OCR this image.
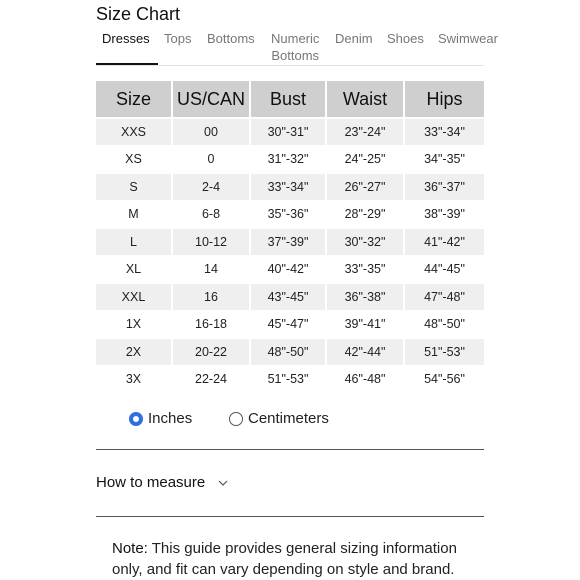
Size Chart
Dresses Tops Bottoms Numeric
Bottoms
Denim Shoes Swimwear
Size	US/CAN	Bust	Waist	Hips
XXS	00	30"-31"	23"-24"	33"-34"
XS	0	31"-32"	24"-25"	34"-35"
S	2-4	33"-34"	26"-27"	36"-37"
M	6-8	35"-36"	28"-29"	38"-39"
L	10-12	37"-39"	30"-32"	41"-42"
XL	14	40"-42"	33"-35"	44"-45"
XXL	16	43"-45"	36"-38"	47"-48"
1X	16-18	45"-47"	39"-41"	48"-50"
2X	20-22	48"-50"	42"-44"	51"-53"
3X	22-24	51"-53"	46"-48"	54"-56"
Inches	Centimeters
How to measure
Note: This guide provides general sizing information only, and fit can vary depending on style and brand.
